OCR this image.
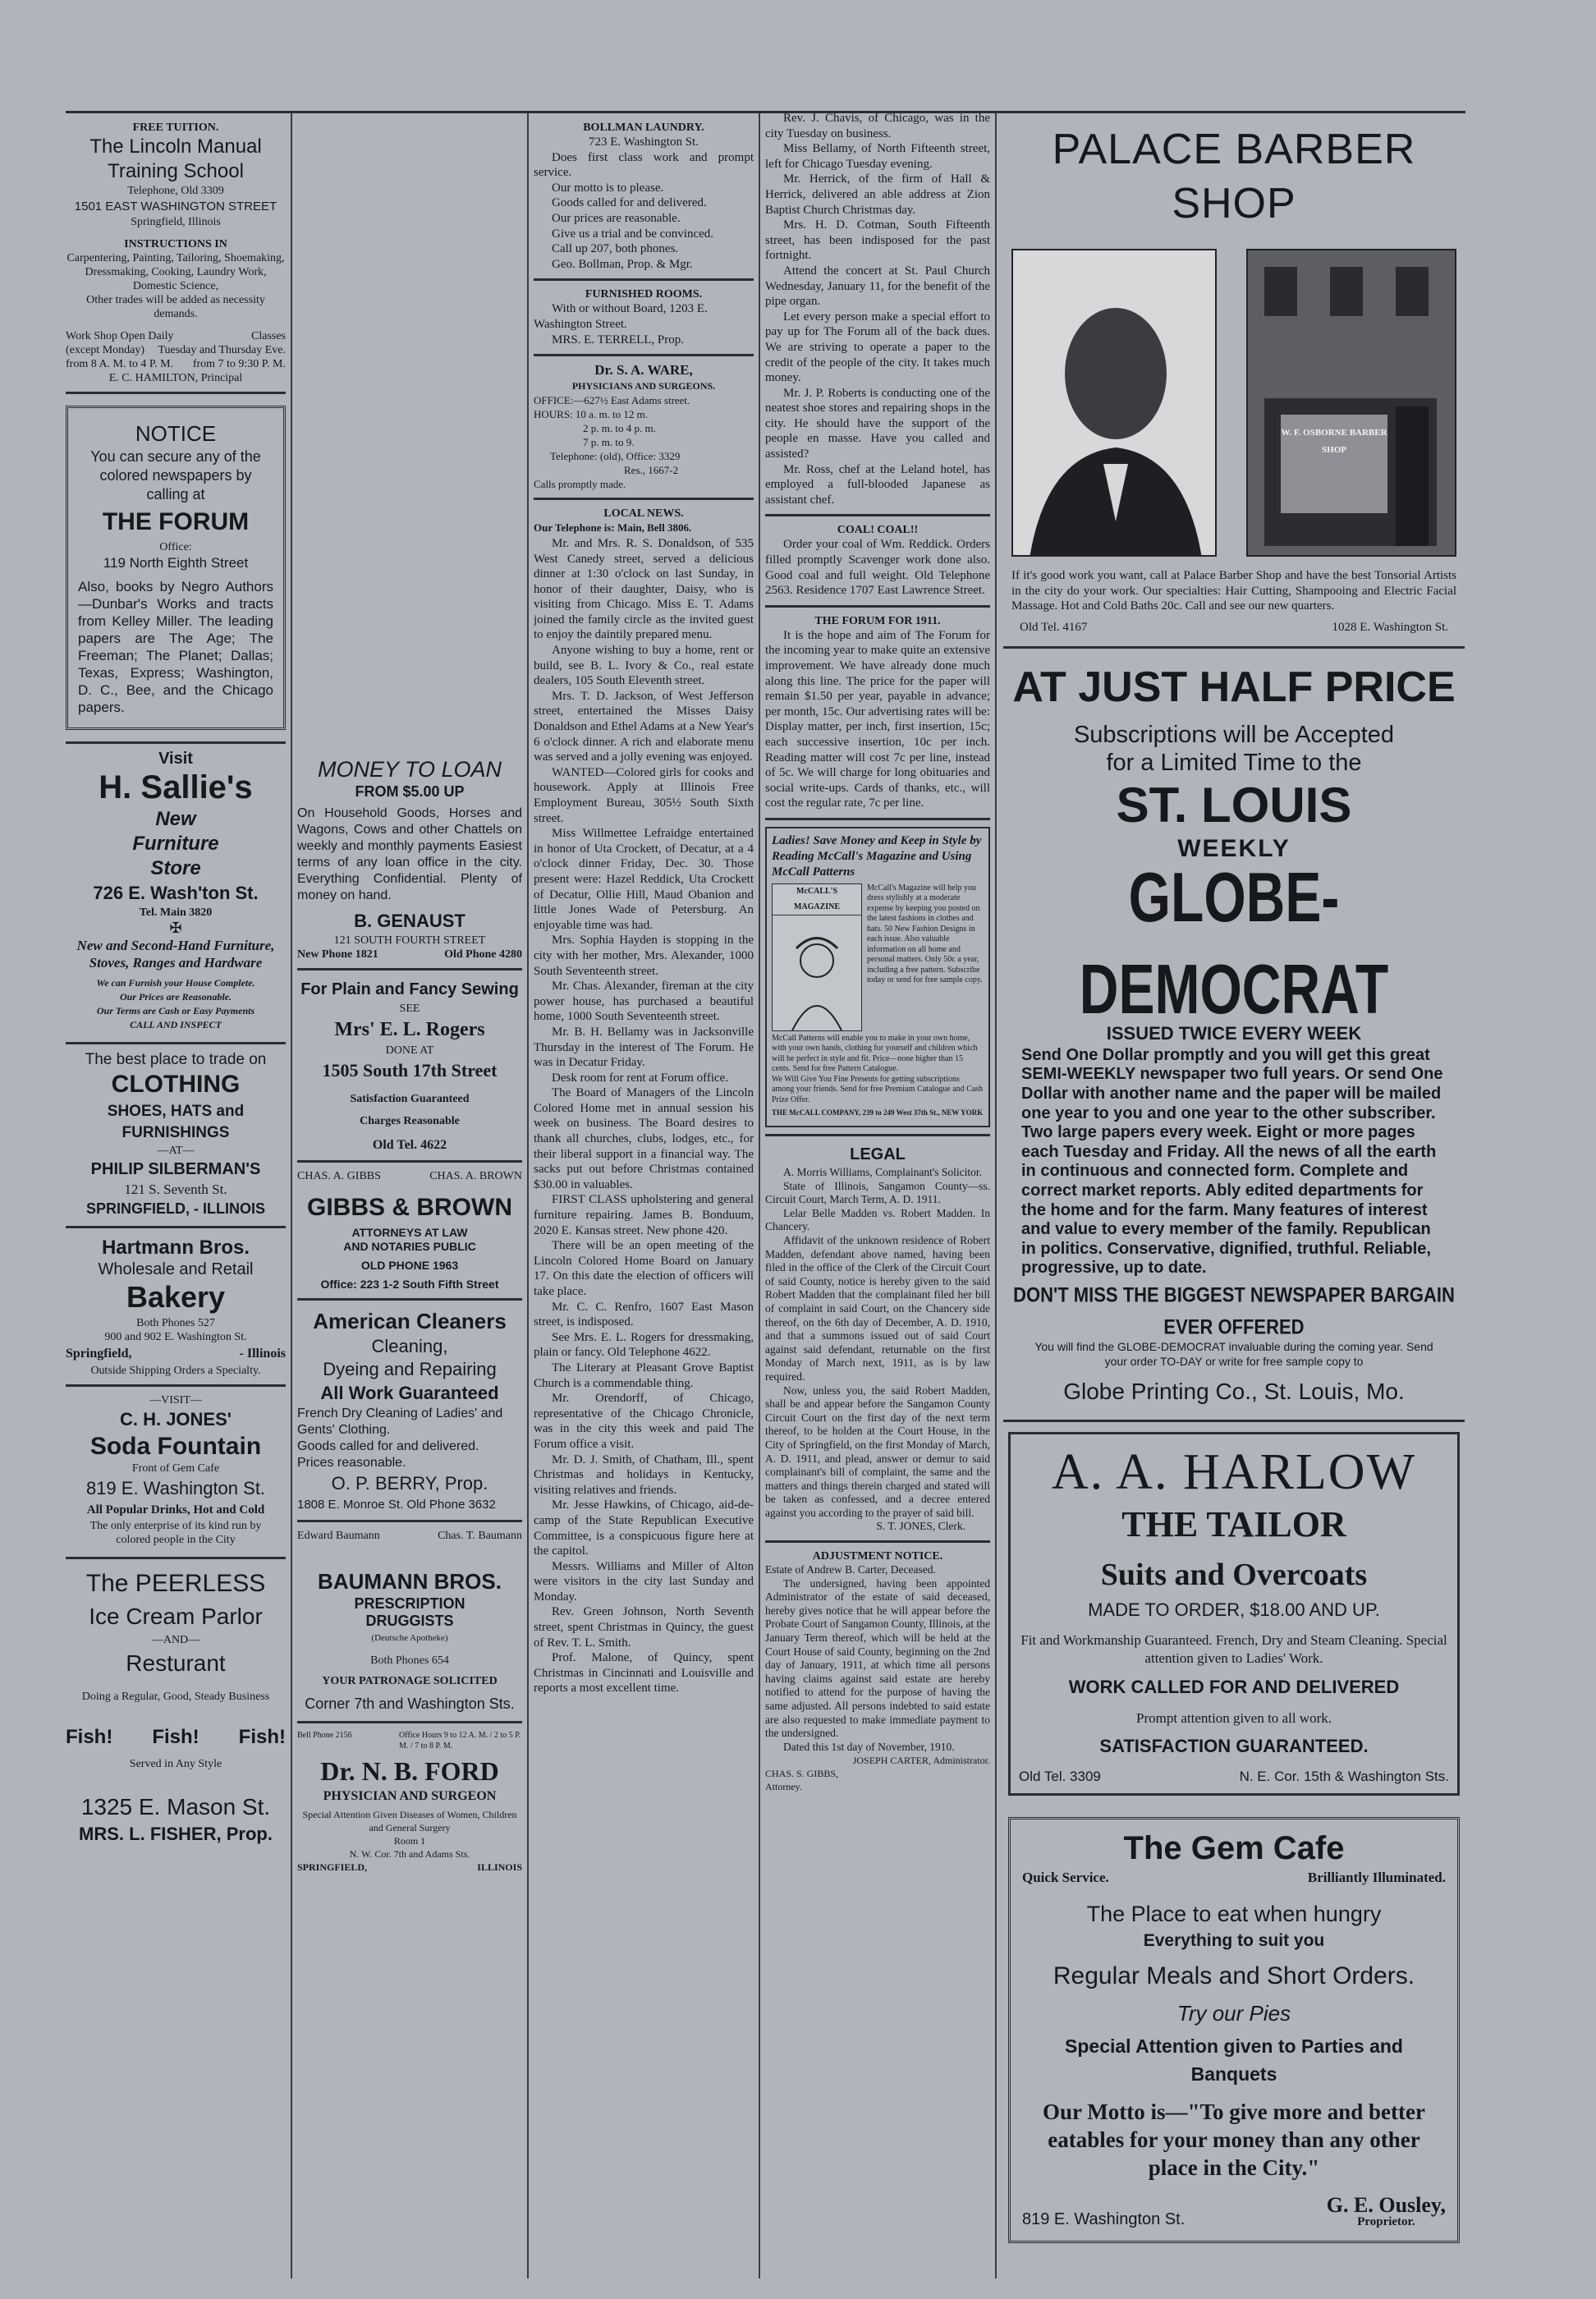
FREE TUITION.
The Lincoln Manual Training School
Telephone, Old 3309
1501 EAST WASHINGTON STREET
Springfield, Illinois
INSTRUCTIONS IN
Carpentering, Painting, Tailoring, Shoemaking,
Dressmaking, Cooking, Laundry Work,
Domestic Science,
Other trades will be added as necessity demands.
Work Shop Open Daily	Classes
(except Monday) Tuesday and Thursday Eve.
from 8 A. M. to 4 P. M. from 7 to 9:30 P. M.
E. C. HAMILTON, Principal
NOTICE
You can secure any of the colored newspapers by calling at
THE FORUM
Office:
119 North Eighth Street
Also, books by Negro Authors—Dunbar's Works and tracts from Kelley Miller. The leading papers are The Age; The Freeman; The Planet; Dallas; Texas, Express; Washington, D. C., Bee, and the Chicago papers.
Visit
H. Sallie's
New
Furniture
Store
726 E. Wash'ton St.
Tel. Main 3820
✠
New and Second-Hand Furniture, Stoves, Ranges and Hardware
We can Furnish your House Complete.
Our Prices are Reasonable.
Our Terms are Cash or Easy Payments
CALL AND INSPECT
The best place to trade on
CLOTHING
SHOES, HATS and FURNISHINGS
—AT—
PHILIP SILBERMAN'S
121 S. Seventh St.
SPRINGFIELD, - ILLINOIS
Hartmann Bros.
Wholesale and Retail
Bakery
Both Phones 527
900 and 902 E. Washington St.
Springfield,	- Illinois
Outside Shipping Orders a Specialty.
—VISIT—
C. H. JONES'
Soda Fountain
Front of Gem Cafe
819 E. Washington St.
All Popular Drinks, Hot and Cold
The only enterprise of its kind run by
colored people in the City
The PEERLESS
Ice Cream Parlor
—AND—
Resturant
Doing a Regular, Good, Steady Business
Fish! Fish! Fish!
Served in Any Style
1325 E. Mason St.
MRS. L. FISHER, Prop.
MONEY TO LOAN
FROM $5.00 UP
On Household Goods, Horses and Wagons, Cows and other Chattels on weekly and monthly payments Easiest terms of any loan office in the city. Everything Confidential. Plenty of money on hand.
B. GENAUST
121 SOUTH FOURTH STREET
New Phone 1821	Old Phone 4280
For Plain and Fancy Sewing
SEE
Mrs' E. L. Rogers
DONE AT
1505 South 17th Street
Satisfaction Guaranteed
Charges Reasonable
Old Tel. 4622
CHAS. A. GIBBS	CHAS. A. BROWN
GIBBS & BROWN
ATTORNEYS AT LAW
AND NOTARIES PUBLIC
OLD PHONE 1963
Office: 223 1-2 South Fifth Street
American Cleaners
Cleaning,
Dyeing and Repairing
All Work Guaranteed
French Dry Cleaning of Ladies' and Gents' Clothing.
Goods called for and delivered.
Prices reasonable.
O. P. BERRY, Prop.
1808 E. Monroe St. Old Phone 3632
Edward Baumann	Chas. T. Baumann
BAUMANN BROS.
PRESCRIPTION
DRUGGISTS
(Deutsche Apotheke)
Both Phones 654
YOUR PATRONAGE SOLICITED
Corner 7th and Washington Sts.
Bell Phone 2156	Office Hours 9 to 12 A. M. / 2 to 5 P. M. / 7 to 8 P. M.
Dr. N. B. FORD
PHYSICIAN AND SURGEON
Special Attention Given Diseases of Women, Children and General Surgery
Room 1
N. W. Cor. 7th and Adams Sts.
SPRINGFIELD,	ILLINOIS
BOLLMAN LAUNDRY.
723 E. Washington St.
Does first class work and prompt service.
Our motto is to please.
Goods called for and delivered.
Our prices are reasonable.
Give us a trial and be convinced.
Call up 207, both phones.
Geo. Bollman, Prop. & Mgr.
FURNISHED ROOMS.
With or without Board, 1203 E. Washington Street.
MRS. E. TERRELL, Prop.
Dr. S. A. WARE,
PHYSICIANS AND SURGEONS.
OFFICE:—627½ East Adams street.
HOURS: 10 a. m. to 12 m.
2 p. m. to 4 p. m.
7 p. m. to 9.
Telephone: (old), Office: 3329
Res., 1667-2
Calls promptly made.
LOCAL NEWS.
Our Telephone is: Main, Bell 3806.
Mr. and Mrs. R. S. Donaldson, of 535 West Canedy street, served a delicious dinner at 1:30 o'clock on last Sunday, in honor of their daughter, Daisy, who is visiting from Chicago. Miss E. T. Adams joined the family circle as the invited guest to enjoy the daintily prepared menu.
Anyone wishing to buy a home, rent or build, see B. L. Ivory & Co., real estate dealers, 105 South Eleventh street.
Mrs. T. D. Jackson, of West Jefferson street, entertained the Misses Daisy Donaldson and Ethel Adams at a New Year's 6 o'clock dinner. A rich and elaborate menu was served and a jolly evening was enjoyed.
WANTED—Colored girls for cooks and housework. Apply at Illinois Free Employment Bureau, 305½ South Sixth street.
Miss Willmettee Lefraidge entertained in honor of Uta Crockett, of Decatur, at a 4 o'clock dinner Friday, Dec. 30. Those present were: Hazel Reddick, Uta Crockett of Decatur, Ollie Hill, Maud Obanion and little Jones Wade of Petersburg. An enjoyable time was had.
Mrs. Sophia Hayden is stopping in the city with her mother, Mrs. Alexander, 1000 South Seventeenth street.
Mr. Chas. Alexander, fireman at the city power house, has purchased a beautiful home, 1000 South Seventeenth street.
Mr. B. H. Bellamy was in Jacksonville Thursday in the interest of The Forum. He was in Decatur Friday.
Desk room for rent at Forum office.
The Board of Managers of the Lincoln Colored Home met in annual session his week on business. The Board desires to thank all churches, clubs, lodges, etc., for their liberal support in a financial way. The sacks put out before Christmas contained $30.00 in valuables.
FIRST CLASS upholstering and general furniture repairing. James B. Bonduum, 2020 E. Kansas street. New phone 420.
There will be an open meeting of the Lincoln Colored Home Board on January 17. On this date the election of officers will take place.
Mr. C. C. Renfro, 1607 East Mason street, is indisposed.
See Mrs. E. L. Rogers for dressmaking, plain or fancy. Old Telephone 4622.
The Literary at Pleasant Grove Baptist Church is a commendable thing.
Mr. Orendorff, of Chicago, representative of the Chicago Chronicle, was in the city this week and paid The Forum office a visit.
Mr. D. J. Smith, of Chatham, Ill., spent Christmas and holidays in Kentucky, visiting relatives and friends.
Mr. Jesse Hawkins, of Chicago, aid-de-camp of the State Republican Executive Committee, is a conspicuous figure here at the capitol.
Messrs. Williams and Miller of Alton were visitors in the city last Sunday and Monday.
Rev. Green Johnson, North Seventh street, spent Christmas in Quincy, the guest of Rev. T. L. Smith.
Prof. Malone, of Quincy, spent Christmas in Cincinnati and Louisville and reports a most excellent time.
Rev. J. Chavis, of Chicago, was in the city Tuesday on business.
Miss Bellamy, of North Fifteenth street, left for Chicago Tuesday evening.
Mr. Herrick, of the firm of Hall & Herrick, delivered an able address at Zion Baptist Church Christmas day.
Mrs. H. D. Cotman, South Fifteenth street, has been indisposed for the past fortnight.
Attend the concert at St. Paul Church Wednesday, January 11, for the benefit of the pipe organ.
Let every person make a special effort to pay up for The Forum all of the back dues. We are striving to operate a paper to the credit of the people of the city. It takes much money.
Mr. J. P. Roberts is conducting one of the neatest shoe stores and repairing shops in the city. He should have the support of the people en masse. Have you called and assisted?
Mr. Ross, chef at the Leland hotel, has employed a full-blooded Japanese as assistant chef.
COAL! COAL!!
Order your coal of Wm. Reddick. Orders filled promptly Scavenger work done also. Good coal and full weight. Old Telephone 2563. Residence 1707 East Lawrence Street.
THE FORUM FOR 1911.
It is the hope and aim of The Forum for the incoming year to make quite an extensive improvement. We have already done much along this line. The price for the paper will remain $1.50 per year, payable in advance; per month, 15c. Our advertising rates will be: Display matter, per inch, first insertion, 15c; each successive insertion, 10c per inch. Reading matter will cost 7c per line, instead of 5c. We will charge for long obituaries and social write-ups. Cards of thanks, etc., will cost the regular rate, 7c per line.
Ladies! Save Money and Keep in Style by Reading McCall's Magazine and Using McCall Patterns
McCALL'S MAGAZINE
McCall's Magazine will help you dress stylishly at a moderate expense by keeping you posted on the latest fashions in clothes and hats. 50 New Fashion Designs in each issue. Also valuable information on all home and personal matters. Only 50c a year, including a free pattern. Subscribe today or send for free sample copy.
McCall Patterns will enable you to make in your own home, with your own hands, clothing for yourself and children which will be perfect in style and fit. Price—none higher than 15 cents. Send for free Pattern Catalogue.
We Will Give You Fine Presents for getting subscriptions among your friends. Send for free Premium Catalogue and Cash Prize Offer.
THE McCALL COMPANY, 239 to 249 West 37th St., NEW YORK
LEGAL
A. Morris Williams, Complainant's Solicitor.
State of Illinois, Sangamon County—ss. Circuit Court, March Term, A. D. 1911.
Lelar Belle Madden vs. Robert Madden. In Chancery.
Affidavit of the unknown residence of Robert Madden, defendant above named, having been filed in the office of the Clerk of the Circuit Court of said County, notice is hereby given to the said Robert Madden that the complainant filed her bill of complaint in said Court, on the Chancery side thereof, on the 6th day of December, A. D. 1910, and that a summons issued out of said Court against said defendant, returnable on the first Monday of March next, 1911, as is by law required.
Now, unless you, the said Robert Madden, shall be and appear before the Sangamon County Circuit Court on the first day of the next term thereof, to be holden at the Court House, in the City of Springfield, on the first Monday of March, A. D. 1911, and plead, answer or demur to said complainant's bill of complaint, the same and the matters and things therein charged and stated will be taken as confessed, and a decree entered against you according to the prayer of said bill.
S. T. JONES, Clerk.
ADJUSTMENT NOTICE.
Estate of Andrew B. Carter, Deceased.
The undersigned, having been appointed Administrator of the estate of said deceased, hereby gives notice that he will appear before the Probate Court of Sangamon County, Illinois, at the January Term thereof, which will be held at the Court House of said County, beginning on the 2nd day of January, 1911, at which time all persons having claims against said estate are hereby notified to attend for the purpose of having the same adjusted. All persons indebted to said estate are also requested to make immediate payment to the undersigned.
Dated this 1st day of November, 1910.
JOSEPH CARTER, Administrator.
CHAS. S. GIBBS, Attorney.
PALACE BARBER SHOP
W. F. OSBORNE BARBER SHOP
If it's good work you want, call at Palace Barber Shop and have the best Tonsorial Artists in the city do your work. Our specialties: Hair Cutting, Shampooing and Electric Facial Massage. Hot and Cold Baths 20c. Call and see our new quarters.
Old Tel. 4167	1028 E. Washington St.
AT JUST HALF PRICE
Subscriptions will be Accepted
for a Limited Time to the
ST. LOUIS
WEEKLY
GLOBE-DEMOCRAT
ISSUED TWICE EVERY WEEK
Send One Dollar promptly and you will get this great SEMI-WEEKLY newspaper two full years. Or send One Dollar with another name and the paper will be mailed one year to you and one year to the other subscriber. Two large papers every week. Eight or more pages each Tuesday and Friday. All the news of all the earth in continuous and connected form. Complete and correct market reports. Ably edited departments for the home and for the farm. Many features of interest and value to every member of the family. Republican in politics. Conservative, dignified, truthful. Reliable, progressive, up to date.
DON'T MISS THE BIGGEST NEWSPAPER BARGAIN EVER OFFERED
You will find the GLOBE-DEMOCRAT invaluable during the coming year. Send your order TO-DAY or write for free sample copy to
Globe Printing Co., St. Louis, Mo.
A. A. HARLOW
THE TAILOR
Suits and Overcoats
MADE TO ORDER, $18.00 AND UP.
Fit and Workmanship Guaranteed. French, Dry and Steam Cleaning. Special attention given to Ladies' Work.
WORK CALLED FOR AND DELIVERED
Prompt attention given to all work.
SATISFACTION GUARANTEED.
Old Tel. 3309	N. E. Cor. 15th & Washington Sts.
The Gem Cafe
Quick Service.	Brilliantly Illuminated.
The Place to eat when hungry
Everything to suit you
Regular Meals and Short Orders.
Try our Pies
Special Attention given to Parties and Banquets
Our Motto is—"To give more and better eatables for your money than any other place in the City."
819 E. Washington St.
G. E. Ousley,
Proprietor.
